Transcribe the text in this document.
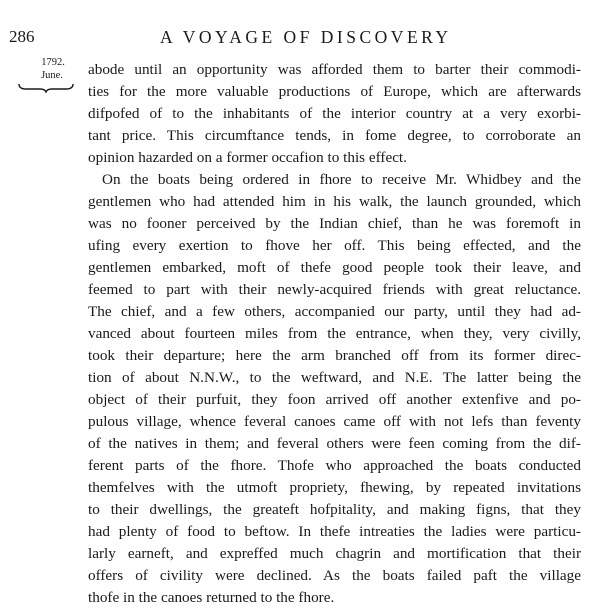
286	A VOYAGE OF DISCOVERY
1792.
June.	abode until an opportunity was afforded them to barter their commodi-
ties for the more valuable productions of Europe, which are afterwards
difpofed of to the inhabitants of the interior country at a very exorbi-
tant price. This circumftance tends, in fome degree, to corroborate an
opinion hazarded on a former occafion to this effect.
On the boats being ordered in fhore to receive Mr. Whidbey and the
gentlemen who had attended him in his walk, the launch grounded, which
was no fooner perceived by the Indian chief, than he was foremoft in
ufing every exertion to fhove her off. This being effected, and the
gentlemen embarked, moft of thefe good people took their leave, and
feemed to part with their newly-acquired friends with great reluctance.
The chief, and a few others, accompanied our party, until they had ad-
vanced about fourteen miles from the entrance, when they, very civilly,
took their departure; here the arm branched off from its former direc-
tion of about N.N.W., to the weftward, and N.E. The latter being the
object of their purfuit, they foon arrived off another extenfive and po-
pulous village, whence feveral canoes came off with not lefs than feventy
of the natives in them; and feveral others were feen coming from the dif-
ferent parts of the fhore. Thofe who approached the boats conducted
themfelves with the utmoft propriety, fhewing, by repeated invitations
to their dwellings, the greateft hofpitality, and making figns, that they
had plenty of food to beftow. In thefe intreaties the ladies were particu-
larly earneft, and expreffed much chagrin and mortification that their
offers of civility were declined. As the boats failed paft the village
thofe in the canoes returned to the fhore.
